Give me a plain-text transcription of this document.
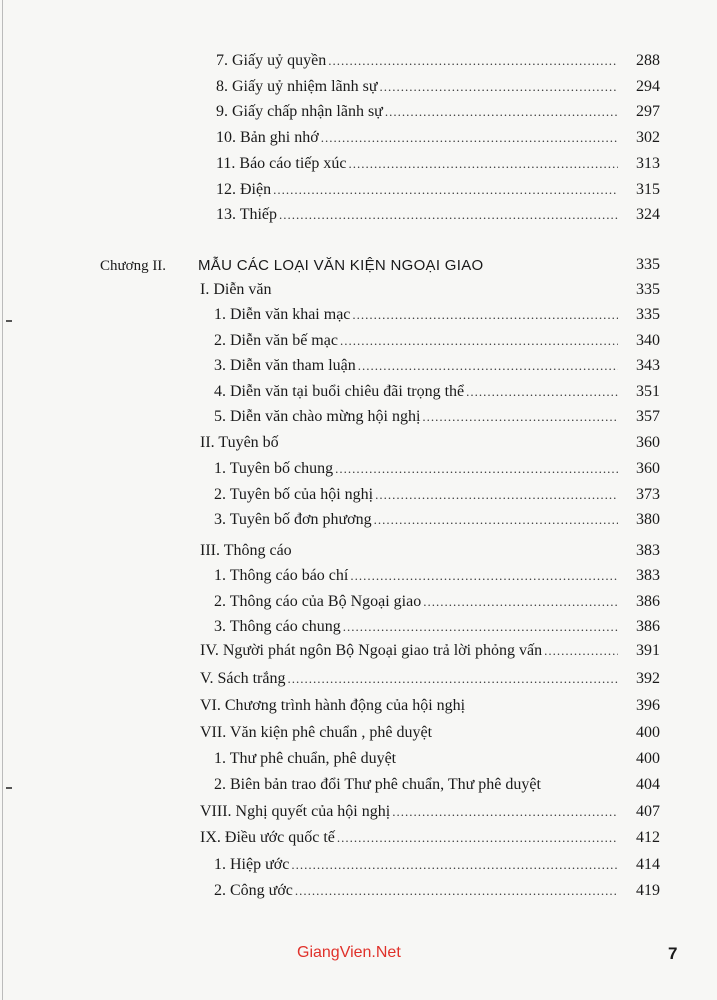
7. Giấy uỷ quyền .....	288
8. Giấy uỷ nhiệm lãnh sự .....	294
9. Giấy chấp nhận lãnh sự .....	297
10. Bản ghi nhớ .....	302
11. Báo cáo tiếp xúc .....	313
12. Điện .....	315
13. Thiếp .....	324
Chương II. MẪU CÁC LOẠI VĂN KIỆN NGOẠI GIAO	335
I. Diễn văn	335
1. Diễn văn khai mạc .....	335
2. Diễn văn bế mạc .....	340
3. Diễn văn tham luận .....	343
4. Diễn văn tại buổi chiêu đãi trọng thể .....	351
5. Diễn văn chào mừng hội nghị .....	357
II. Tuyên bố	360
1. Tuyên bố chung .....	360
2. Tuyên bố của hội nghị .....	373
3. Tuyên bố đơn phương .....	380
III. Thông cáo	383
1. Thông cáo báo chí .....	383
2. Thông cáo của Bộ Ngoại giao .....	386
3. Thông cáo chung .....	386
IV. Người phát ngôn Bộ Ngoại giao trả lời phỏng vấn .....	391
V. Sách trắng .....	392
VI. Chương trình hành động của hội nghị	396
VII. Văn kiện phê chuẩn , phê duyệt	400
1. Thư phê chuẩn, phê duyệt	400
2. Biên bản trao đổi Thư phê chuẩn, Thư phê duyệt	404
VIII. Nghị quyết của hội nghị .....	407
IX. Điều ước quốc tế .....	412
1. Hiệp ước .....	414
2. Công ước .....	419
GiangVien.Net	7
